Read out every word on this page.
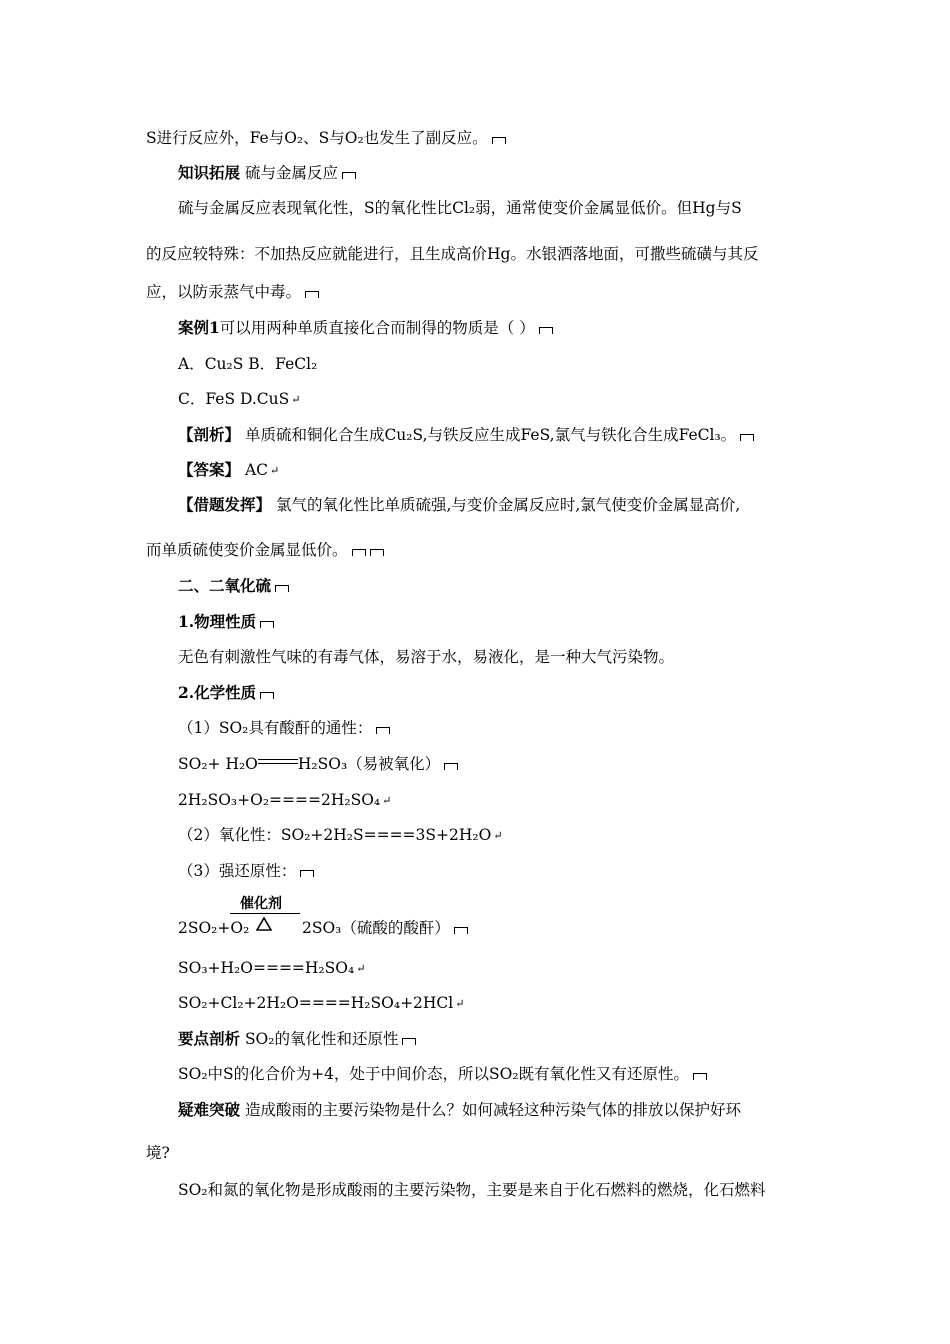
S进行反应外，Fe与O₂、S与O₂也发生了副反应。
知识拓展 硫与金属反应
硫与金属反应表现氧化性，S的氧化性比Cl₂弱，通常使变价金属显低价。但Hg与S
的反应较特殊：不加热反应就能进行，且生成高价Hg。水银洒落地面，可撒些硫磺与其反
应，以防汞蒸气中毒。
案例1可以用两种单质直接化合而制得的物质是（ ）
A．Cu₂S B．FeCl₂
C．FeS D.CuS ↵
【剖析】 单质硫和铜化合生成Cu₂S,与铁反应生成FeS,氯气与铁化合生成FeCl₃。
【答案】 AC ↵
【借题发挥】 氯气的氧化性比单质硫强,与变价金属反应时,氯气使变价金属显高价,
而单质硫使变价金属显低价。
二、二氧化硫
1.物理性质
无色有刺激性气味的有毒气体，易溶于水，易液化，是一种大气污染物。
2.化学性质
（1）SO₂具有酸酐的通性：
SO₂+ H₂O	H₂SO₃（易被氧化）
2H₂SO₃+O₂====2H₂SO₄ ↵
（2）氧化性：SO₂+2H₂S====3S+2H₂O ↵
（3）强还原性：
催化剂
2SO₂+O₂	2SO₃（硫酸的酸酐）
SO₃+H₂O====H₂SO₄ ↵
SO₂+Cl₂+2H₂O====H₂SO₄+2HCl ↵
要点剖析 SO₂的氧化性和还原性
SO₂中S的化合价为+4，处于中间价态，所以SO₂既有氧化性又有还原性。
疑难突破 造成酸雨的主要污染物是什么？如何减轻这种污染气体的排放以保护好环
境?
SO₂和氮的氧化物是形成酸雨的主要污染物，主要是来自于化石燃料的燃烧，化石燃料
